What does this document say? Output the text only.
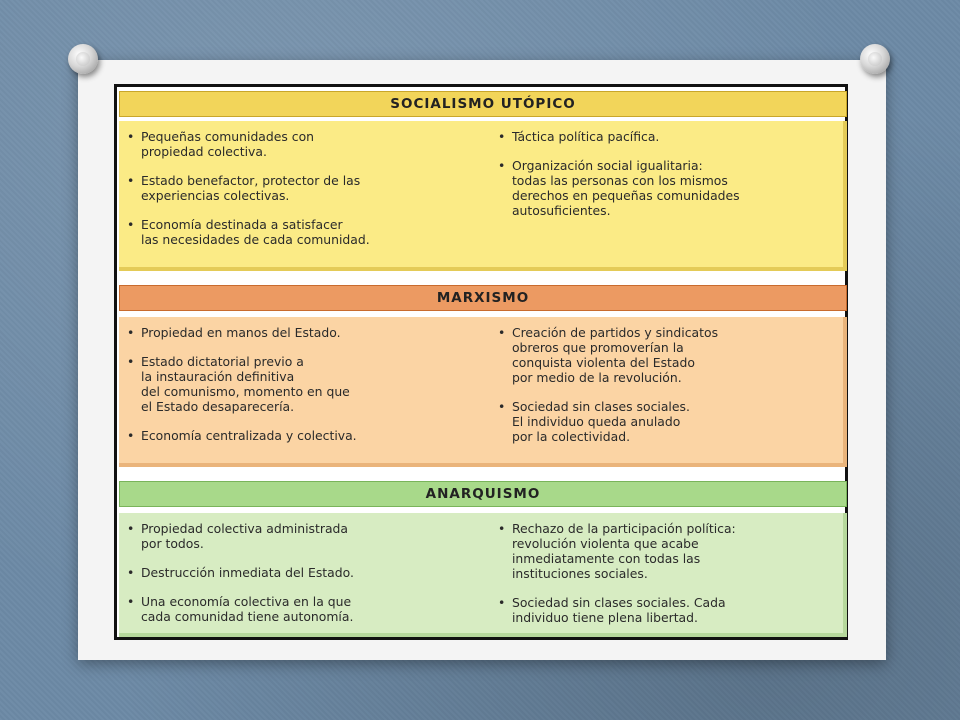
SOCIALISMO UTÓPICO
• Pequeñas comunidades con
propiedad colectiva.
• Estado benefactor, protector de las
experiencias colectivas.
• Economía destinada a satisfacer
las necesidades de cada comunidad.
• Táctica política pacífica.
• Organización social igualitaria:
todas las personas con los mismos
derechos en pequeñas comunidades
autosuficientes.
MARXISMO
• Propiedad en manos del Estado.
• Estado dictatorial previo a
la instauración definitiva
del comunismo, momento en que
el Estado desaparecería.
• Economía centralizada y colectiva.
• Creación de partidos y sindicatos
obreros que promoverían la
conquista violenta del Estado
por medio de la revolución.
• Sociedad sin clases sociales.
El individuo queda anulado
por la colectividad.
ANARQUISMO
• Propiedad colectiva administrada
por todos.
• Destrucción inmediata del Estado.
• Una economía colectiva en la que
cada comunidad tiene autonomía.
• Rechazo de la participación política:
revolución violenta que acabe
inmediatamente con todas las
instituciones sociales.
• Sociedad sin clases sociales. Cada
individuo tiene plena libertad.
